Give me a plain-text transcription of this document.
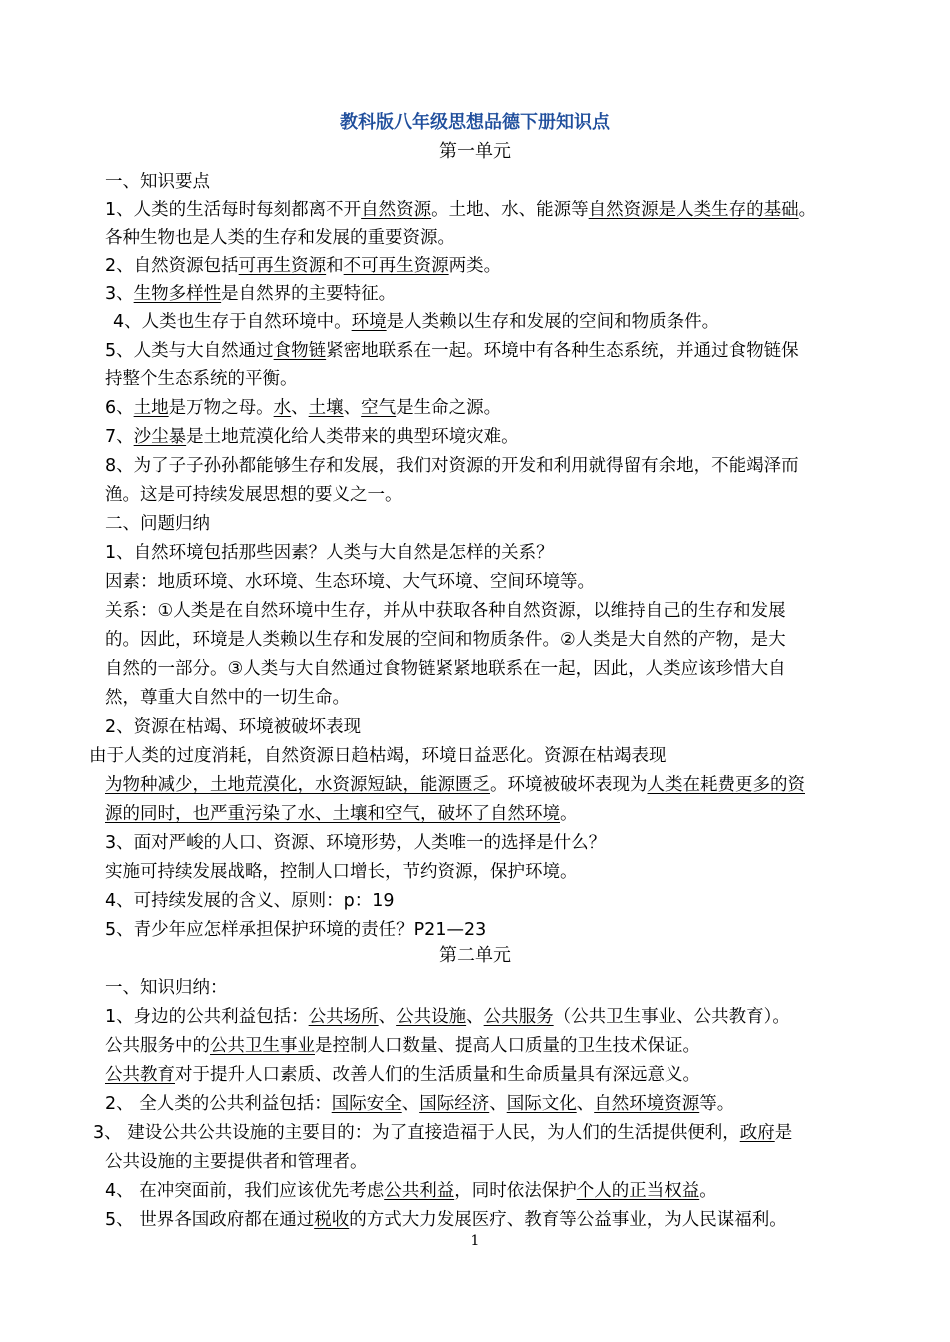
教科版八年级思想品德下册知识点
第一单元
第二单元
一、知识要点
1、人类的生活每时每刻都离不开自然资源。土地、水、能源等自然资源是人类生存的基础。
各种生物也是人类的生存和发展的重要资源。
2、自然资源包括可再生资源和不可再生资源两类。
3、生物多样性是自然界的主要特征。
4、人类也生存于自然环境中。环境是人类赖以生存和发展的空间和物质条件。
5、人类与大自然通过食物链紧密地联系在一起。环境中有各种生态系统，并通过食物链保
持整个生态系统的平衡。
6、土地是万物之母。水、土壤、空气是生命之源。
7、沙尘暴是土地荒漠化给人类带来的典型环境灾难。
8、为了子子孙孙都能够生存和发展，我们对资源的开发和利用就得留有余地，不能竭泽而
渔。这是可持续发展思想的要义之一。
二、问题归纳
1、自然环境包括那些因素？人类与大自然是怎样的关系？
因素：地质环境、水环境、生态环境、大气环境、空间环境等。
关系：①人类是在自然环境中生存，并从中获取各种自然资源，以维持自己的生存和发展
的。因此，环境是人类赖以生存和发展的空间和物质条件。②人类是大自然的产物，是大
自然的一部分。③人类与大自然通过食物链紧紧地联系在一起，因此，人类应该珍惜大自
然，尊重大自然中的一切生命。
2、资源在枯竭、环境被破坏表现
由于人类的过度消耗，自然资源日趋枯竭，环境日益恶化。资源在枯竭表现
为物种减少，土地荒漠化，水资源短缺，能源匮乏。环境被破坏表现为人类在耗费更多的资
源的同时，也严重污染了水、土壤和空气，破坏了自然环境。
3、面对严峻的人口、资源、环境形势，人类唯一的选择是什么？
实施可持续发展战略，控制人口增长，节约资源，保护环境。
4、可持续发展的含义、原则：p：19
5、青少年应怎样承担保护环境的责任？P21—23
一、知识归纳：
1、身边的公共利益包括：公共场所、公共设施、公共服务（公共卫生事业、公共教育）。
公共服务中的公共卫生事业是控制人口数量、提高人口质量的卫生技术保证。
公共教育对于提升人口素质、改善人们的生活质量和生命质量具有深远意义。
2、 全人类的公共利益包括：国际安全、国际经济、国际文化、自然环境资源等。
3、 建设公共公共设施的主要目的：为了直接造福于人民，为人们的生活提供便利，政府是
公共设施的主要提供者和管理者。
4、 在冲突面前，我们应该优先考虑公共利益，同时依法保护个人的正当权益。
5、 世界各国政府都在通过税收的方式大力发展医疗、教育等公益事业，为人民谋福利。
1
